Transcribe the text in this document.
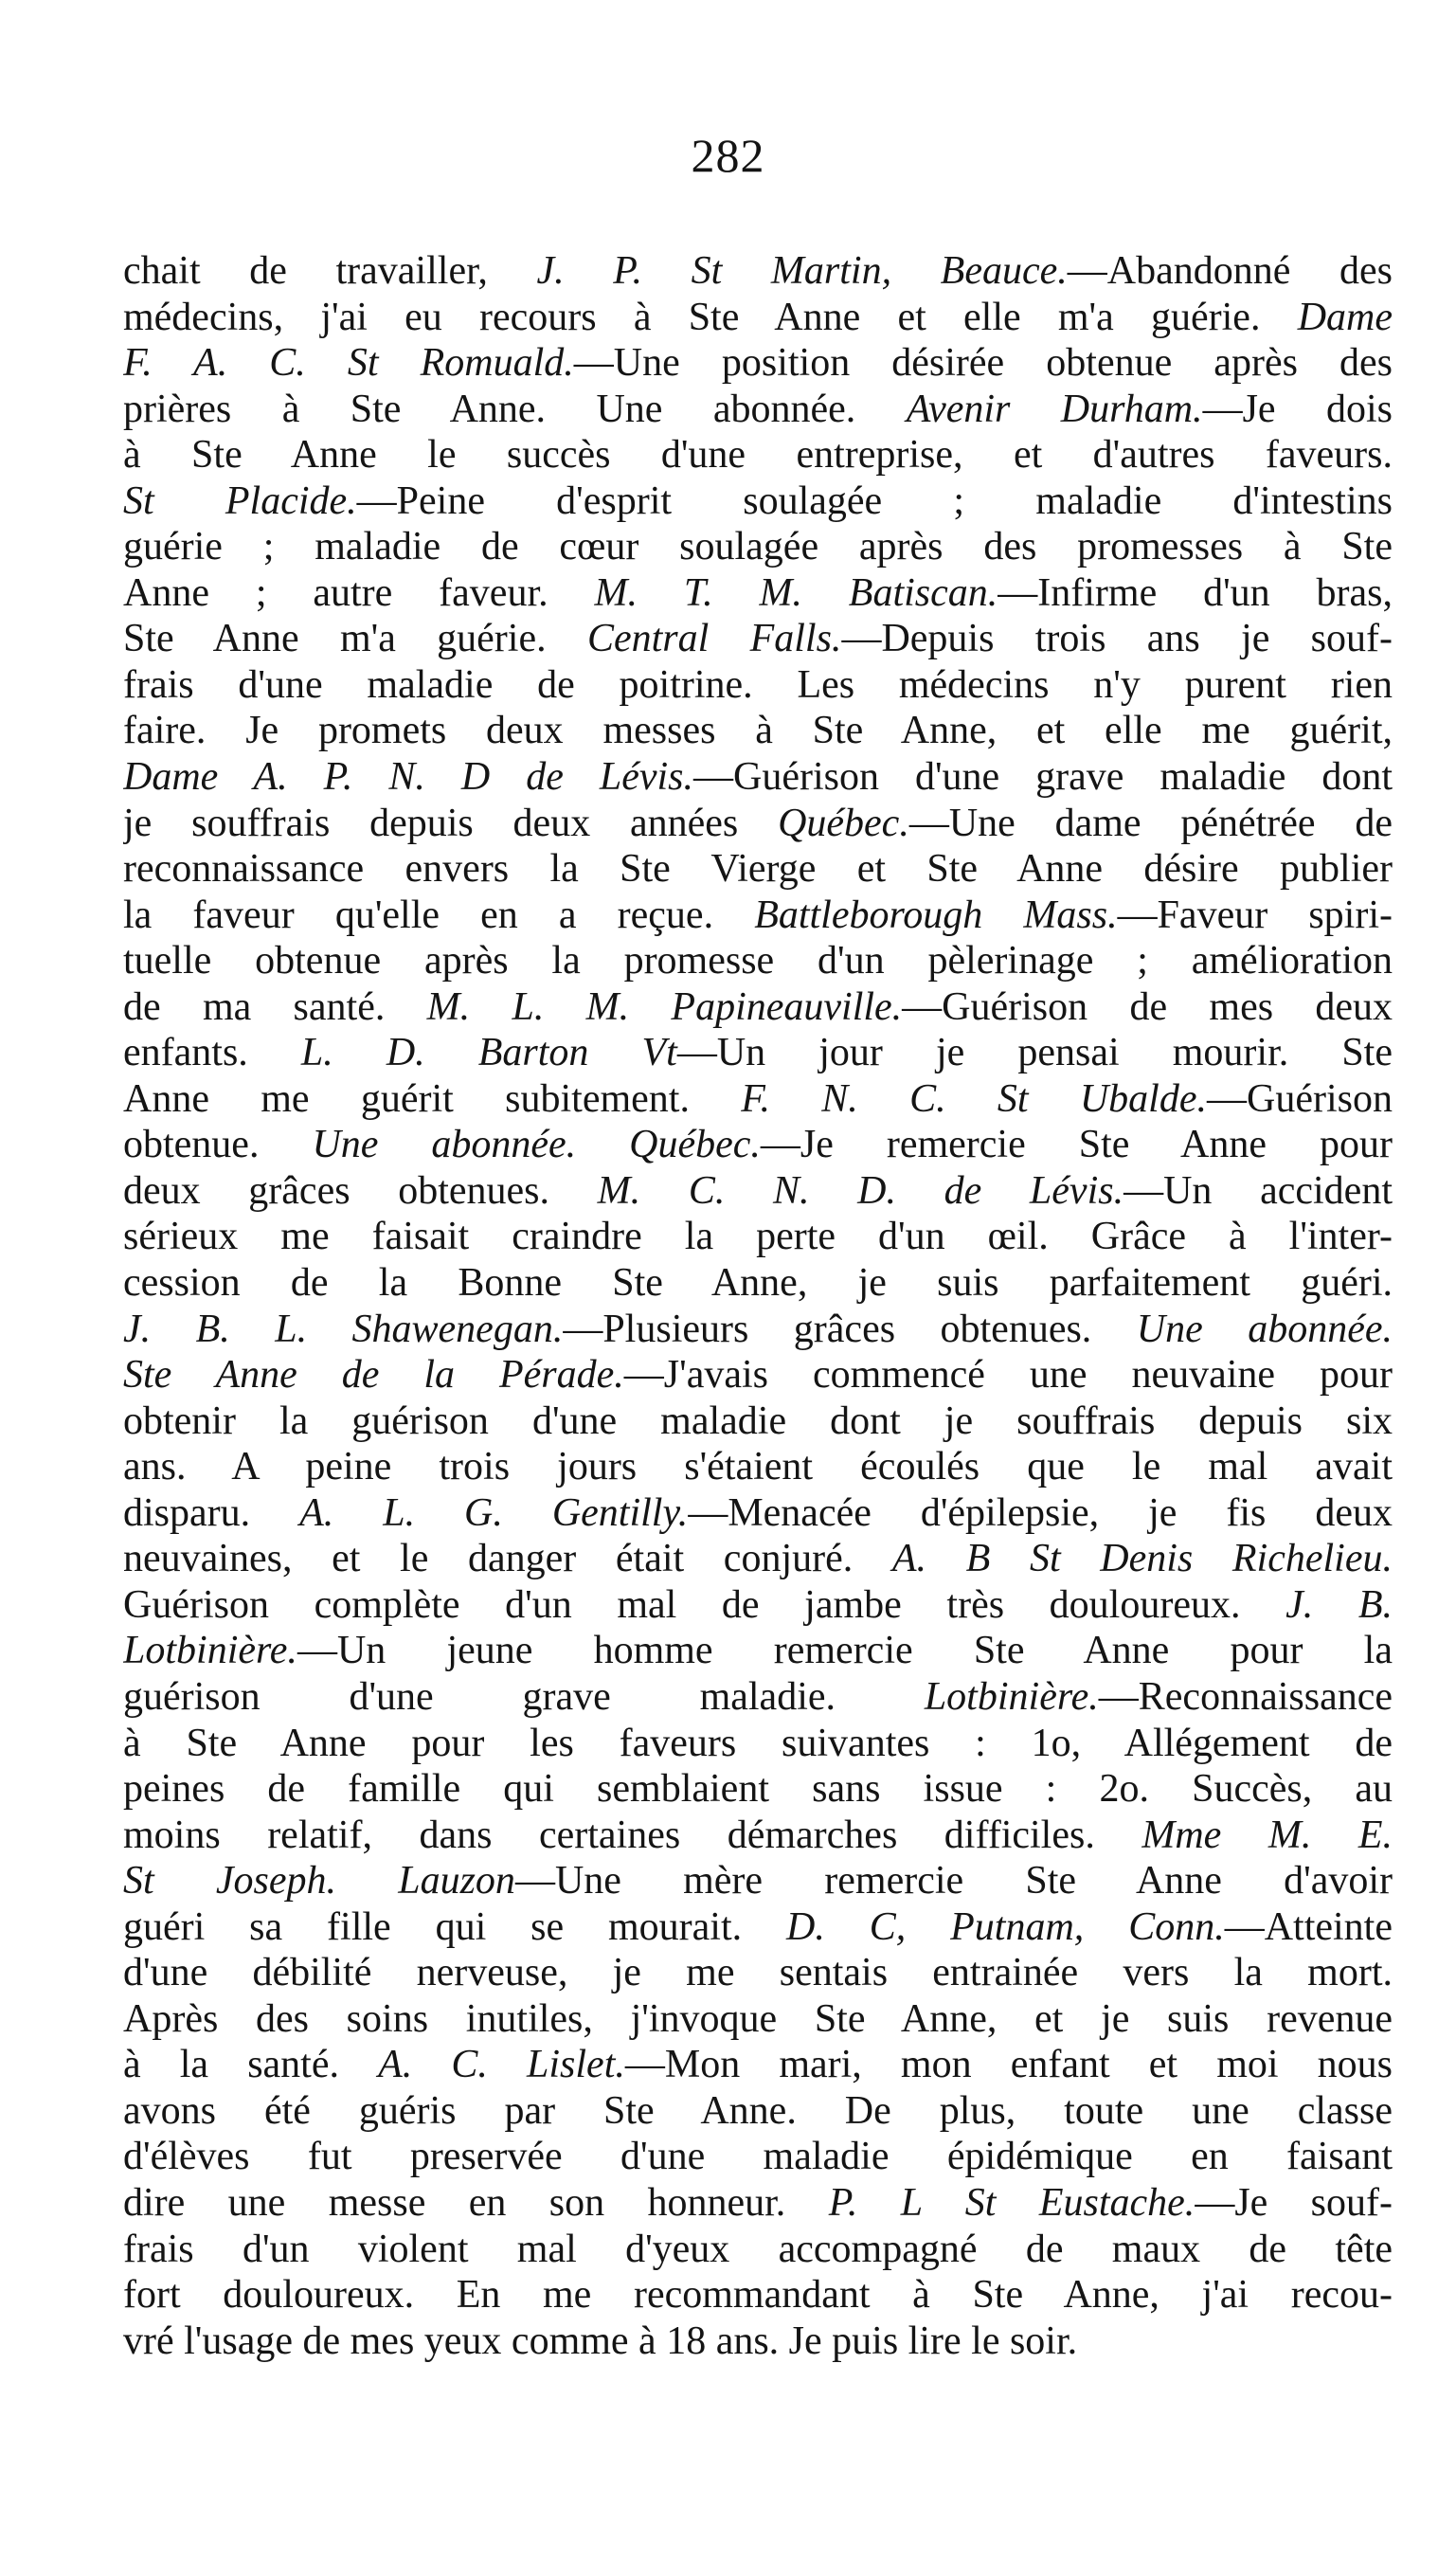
282
chait de travailler, J. P. St Martin, Beauce.—Abandonné des
médecins, j'ai eu recours à Ste Anne et elle m'a guérie. Dame
F. A. C. St Romuald.—Une position désirée obtenue après des
prières à Ste Anne. Une abonnée. Avenir Durham.—Je dois
à Ste Anne le succès d'une entreprise, et d'autres faveurs.
St Placide.—Peine d'esprit soulagée ; maladie d'intestins
guérie ; maladie de cœur soulagée après des promesses à Ste
Anne ; autre faveur. M. T. M. Batiscan.—Infirme d'un bras,
Ste Anne m'a guérie. Central Falls.—Depuis trois ans je souf-
frais d'une maladie de poitrine. Les médecins n'y purent rien
faire. Je promets deux messes à Ste Anne, et elle me guérit,
Dame A. P. N. D de Lévis.—Guérison d'une grave maladie dont
je souffrais depuis deux années Québec.—Une dame pénétrée de
reconnaissance envers la Ste Vierge et Ste Anne désire publier
la faveur qu'elle en a reçue. Battleborough Mass.—Faveur spiri-
tuelle obtenue après la promesse d'un pèlerinage ; amélioration
de ma santé. M. L. M. Papineauville.—Guérison de mes deux
enfants. L. D. Barton Vt—Un jour je pensai mourir. Ste
Anne me guérit subitement. F. N. C. St Ubalde.—Guérison
obtenue. Une abonnée. Québec.—Je remercie Ste Anne pour
deux grâces obtenues. M. C. N. D. de Lévis.—Un accident
sérieux me faisait craindre la perte d'un œil. Grâce à l'inter-
cession de la Bonne Ste Anne, je suis parfaitement guéri.
J. B. L. Shawenegan.—Plusieurs grâces obtenues. Une abonnée.
Ste Anne de la Pérade.—J'avais commencé une neuvaine pour
obtenir la guérison d'une maladie dont je souffrais depuis six
ans. A peine trois jours s'étaient écoulés que le mal avait
disparu. A. L. G. Gentilly.—Menacée d'épilepsie, je fis deux
neuvaines, et le danger était conjuré. A. B St Denis Richelieu.
Guérison complète d'un mal de jambe très douloureux. J. B.
Lotbinière.—Un jeune homme remercie Ste Anne pour la
guérison d'une grave maladie. Lotbinière.—Reconnaissance
à Ste Anne pour les faveurs suivantes : 1o, Allégement de
peines de famille qui semblaient sans issue : 2o. Succès, au
moins relatif, dans certaines démarches difficiles. Mme M. E.
St Joseph. Lauzon—Une mère remercie Ste Anne d'avoir
guéri sa fille qui se mourait. D. C, Putnam, Conn.—Atteinte
d'une débilité nerveuse, je me sentais entrainée vers la mort.
Après des soins inutiles, j'invoque Ste Anne, et je suis revenue
à la santé. A. C. Lislet.—Mon mari, mon enfant et moi nous
avons été guéris par Ste Anne. De plus, toute une classe
d'élèves fut preservée d'une maladie épidémique en faisant
dire une messe en son honneur. P. L St Eustache.—Je souf-
frais d'un violent mal d'yeux accompagné de maux de tête
fort douloureux. En me recommandant à Ste Anne, j'ai recou-
vré l'usage de mes yeux comme à 18 ans. Je puis lire le soir.
